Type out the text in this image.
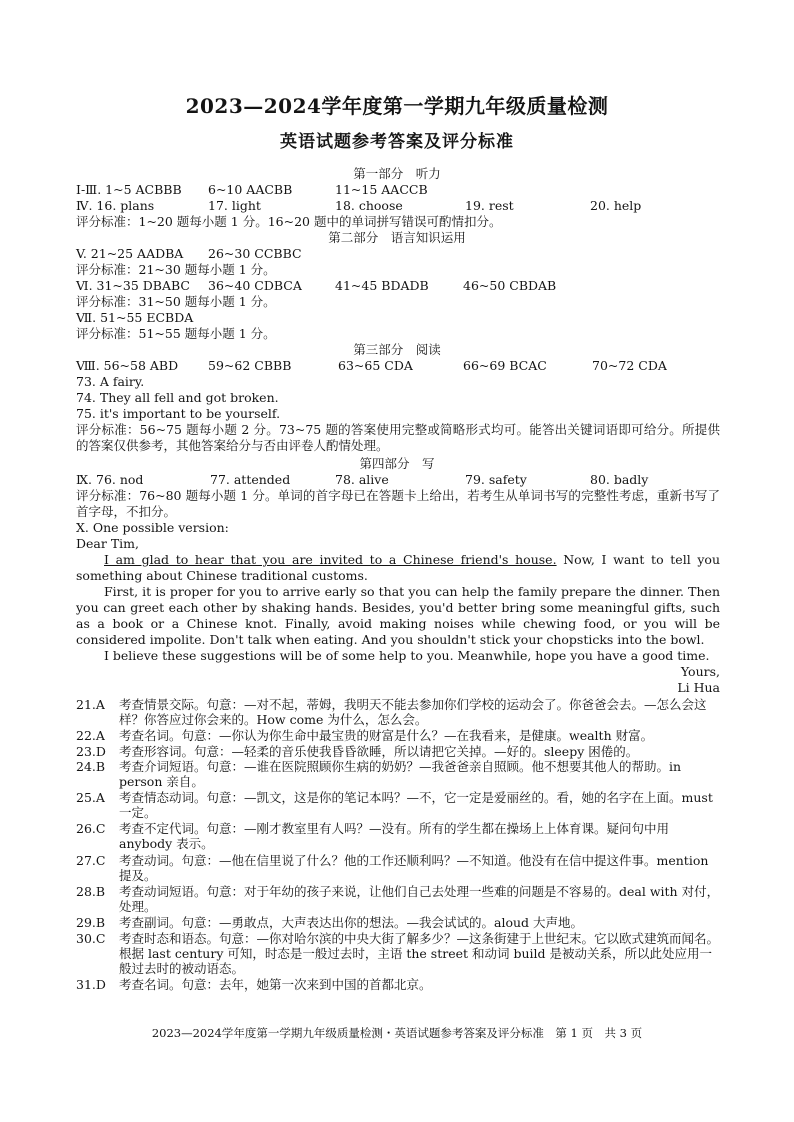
2023—2024学年度第一学期九年级质量检测
英语试题参考答案及评分标准
第一部分　听力
Ⅰ-Ⅲ. 1~5 ACBBB 6~10 AACBB	11~15 AACCB
Ⅳ. 16. plans	17. light	18. choose	19. rest	20. help
评分标准：1~20 题每小题 1 分。16~20 题中的单词拼写错误可酌情扣分。
第二部分　语言知识运用
V. 21~25 AADBA 26~30 CCBBC
评分标准：21~30 题每小题 1 分。
Ⅵ. 31~35 DBABC 36~40 CDBCA	41~45 BDADB	46~50 CBDAB
评分标准：31~50 题每小题 1 分。
Ⅶ. 51~55 ECBDA
评分标准：51~55 题每小题 1 分。
第三部分　阅读
Ⅷ. 56~58 ABD 59~62 CBBB	63~65 CDA	66~69 BCAC	70~72 CDA
73. A fairy.
74. They all fell and got broken.
75. it's important to be yourself.
评分标准：56~75 题每小题 2 分。73~75 题的答案使用完整或简略形式均可。能答出关键词语即可给分。所提供的答案仅供参考，其他答案给分与否由评卷人酌情处理。
第四部分　写
Ⅸ. 76. nod	77. attended	78. alive	79. safety	80. badly
评分标准：76~80 题每小题 1 分。单词的首字母已在答题卡上给出，若考生从单词书写的完整性考虑，重新书写了首字母，不扣分。
Ⅹ. One possible version:
Dear Tim,
I am glad to hear that you are invited to a Chinese friend's house. Now, I want to tell you something about Chinese traditional customs.
First, it is proper for you to arrive early so that you can help the family prepare the dinner. Then you can greet each other by shaking hands. Besides, you'd better bring some meaningful gifts, such as a book or a Chinese knot. Finally, avoid making noises while chewing food, or you will be considered impolite. Don't talk when eating. And you shouldn't stick your chopsticks into the bowl.
I believe these suggestions will be of some help to you. Meanwhile, hope you have a good time.
Yours,
Li Hua
21.A 考查情景交际。句意：—对不起，蒂姆，我明天不能去参加你们学校的运动会了。你爸爸会去。—怎么会这样？你答应过你会来的。How come 为什么，怎么会。
22.A 考查名词。句意：—你认为你生命中最宝贵的财富是什么？—在我看来，是健康。wealth 财富。
23.D 考查形容词。句意：—轻柔的音乐使我昏昏欲睡，所以请把它关掉。—好的。sleepy 困倦的。
24.B 考查介词短语。句意：—谁在医院照顾你生病的奶奶？—我爸爸亲自照顾。他不想要其他人的帮助。in person 亲自。
25.A 考查情态动词。句意：—凯文，这是你的笔记本吗？—不，它一定是爱丽丝的。看，她的名字在上面。must 一定。
26.C 考查不定代词。句意：—刚才教室里有人吗？—没有。所有的学生都在操场上上体育课。疑问句中用 anybody 表示。
27.C 考查动词。句意：—他在信里说了什么？他的工作还顺利吗？—不知道。他没有在信中提这件事。mention 提及。
28.B 考查动词短语。句意：对于年幼的孩子来说，让他们自己去处理一些难的问题是不容易的。deal with 对付，处理。
29.B 考查副词。句意：—勇敢点，大声表达出你的想法。—我会试试的。aloud 大声地。
30.C 考查时态和语态。句意：—你对哈尔滨的中央大街了解多少？—这条街建于上世纪末。它以欧式建筑而闻名。根据 last century 可知，时态是一般过去时，主语 the street 和动词 build 是被动关系，所以此处应用一般过去时的被动语态。
31.D 考查名词。句意：去年，她第一次来到中国的首都北京。
2023—2024学年度第一学期九年级质量检测・英语试题参考答案及评分标准　第 1 页　共 3 页
